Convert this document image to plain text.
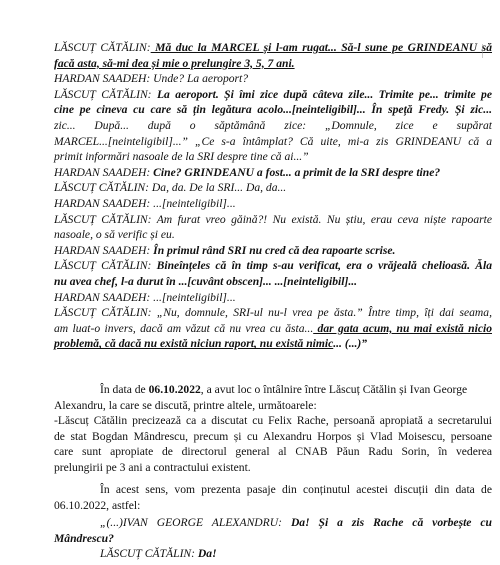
LĂSCUȚ CĂTĂLIN: Mă duc la MARCEL și l-am rugat... Să-l sune pe GRINDEANU să
facă asta, să-mi dea și mie o prelungire 3, 5, 7 ani.
HARDAN SAADEH: Unde? La aeroport?
LĂSCUȚ CĂTĂLIN: La aeroport. Și îmi zice după câteva zile... Trimite pe... trimite pe
cine pe cineva cu care să țin legătura acolo...[neinteligibil]... În speță Fredy. Și zic...
zic... După... după o săptămână zice: „Domnule, zice e supărat
MARCEL...[neinteligibil]...” „Ce s-a întâmplat? Că uite, mi-a zis GRINDEANU că a
primit informări nasoale de la SRI despre tine că ai...”
HARDAN SAADEH: Cine? GRINDEANU a fost... a primit de la SRI despre tine?
LĂSCUȚ CĂTĂLIN: Da, da. De la SRI... Da, da...
HARDAN SAADEH: ...[neinteligibil]...
LĂSCUȚ CĂTĂLIN: Am furat vreo găină?! Nu există. Nu știu, erau ceva niște rapoarte
nasoale, o să verific și eu.
HARDAN SAADEH: În primul rând SRI nu cred că dea rapoarte scrise.
LĂSCUȚ CĂTĂLIN: Bineînțeles că în timp s-au verificat, era o vrăjeală chelioasă. Ăla
nu avea chef, l-a durut în ...[cuvânt obscen]... ...[neinteligibil]...
HARDAN SAADEH: ...[neinteligibil]...
LĂSCUȚ CĂTĂLIN: „Nu, domnule, SRI-ul nu-l vrea pe ăsta.” Între timp, îți dai seama,
am luat-o invers, dacă am văzut că nu vrea cu ăsta... dar gata acum, nu mai există nicio
problemă, că dacă nu există niciun raport, nu există nimic... (...)”
În data de 06.10.2022, a avut loc o întâlnire între Lăscuț Cătălin și Ivan George
Alexandru, la care se discută, printre altele, următoarele:
-Lăscuț Cătălin precizează ca a discutat cu Felix Rache, persoană apropiată a secretarului
de stat Bogdan Mândrescu, precum și cu Alexandru Horpos și Vlad Moisescu, persoane
care sunt apropiate de directorul general al CNAB Păun Radu Sorin, în vederea
prelungirii pe 3 ani a contractului existent.
În acest sens, vom prezenta pasaje din conținutul acestei discuții din data de
06.10.2022, astfel:
„(...)IVAN GEORGE ALEXANDRU: Da! Și a zis Rache că vorbește cu
Mândrescu?
LĂSCUȚ CĂTĂLIN: Da!
